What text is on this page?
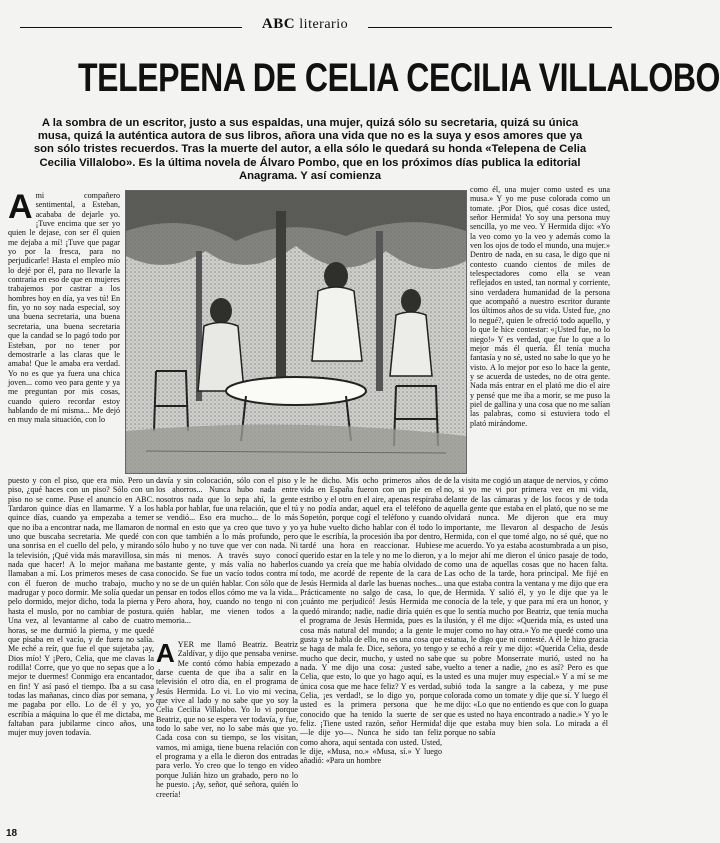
ABC literario
TELEPENA DE CELIA CECILIA VILLALOBO
A la sombra de un escritor, justo a sus espaldas, una mujer, quizá sólo su secretaria, quizá su única musa, quizá la auténtica autora de sus libros, añora una vida que no es la suya y esos amores que ya son sólo tristes recuerdos. Tras la muerte del autor, a ella sólo le quedará su honda «Telepena de Celia Cecilia Villalobo». Es la última novela de Álvaro Pombo, que en los próximos días publica la editorial Anagrama. Y así comienza
A mi compañero sentimental, a Esteban, acababa de dejarle yo. ¡Tuve encima que ser yo quien le dejase, con ser él quien me dejaba a mí! ¡Tuve que pagar yo por la fresca, para no perjudicarle! Hasta el empleo mío lo dejé por él, para no llevarle la contraria en eso de que en mujeres trabajemos por castrar a los hombres hoy en día, ya ves tú! En fin, yo no soy nada especial, soy una buena secretaria, una buena secretaria, una buena secretaria que la candad se lo pagó todo por Esteban, por no tener por demostrarle a las claras que le amaba! Que le amaba era verdad. Yo no es que ya fuera una chica joven... como veo para gente y ya me preguntan por mis cosas, cuando quiero recordar estoy hablando de mí misma... Me dejó en muy mala situación, con lo

como él, una mujer como usted es una musa.» Y yo me puse colorada como un tomate. ¡Por Dios, qué cosas dice usted, señor Hermida! Yo soy una persona muy sencilla, yo me veo. Y Hermida dijo: «Yo la veo como yo la veo y además como la ven los ojos de todo el mundo, una mujer.» Dentro de nada, en su casa, le digo que ni contesto cuando cientos de miles de telespectadores como ella se vean reflejados en usted, tan normal y corriente, sino verdadera humanidad de la persona que acompañó a nuestro escritor durante los últimos años de su vida. Usted fue, ¿no lo negué?, quien le ofreció todo aquello, y lo que le hice contestar: «¡Usted fue, no lo niego!» Y es verdad, que fue lo que a lo mejor más él quería. Él tenía mucha fantasía y no sé, usted no sabe lo que yo he visto. A lo mejor por eso lo hace la gente, y se acuerda de ustedes, no de otra gente. Nada más entrar en el plató me dio el aire y pensé que me iba a morir, se me puso la piel de gallina y una cosa que no me salían las palabras, como si estuviera todo el plató mirándome.

puesto y con el piso, que era mío. Pero un piso, ¿qué haces con un piso? Sólo con un piso no se come. Puse el anuncio en ABC. Tardaron quince días en llamarme. Y a los quince días, cuando ya empezaba a temer que no iba a encontrar nada, me llamaron de uno que buscaba secretaria. Me quedé con una sonrisa en el cuello del pelo, y mirando la televisión, ¡Qué vida más maravillosa, sin nada que hacer! A lo mejor mañana me llamaban a mí. Los primeros meses de casa con él fueron de mucho trabajo, mucho madrugar y poco dormir. Me solía quedar un pelo dormido, mejor dicho, toda la pierna y hasta el muslo, por no cambiar de postura. Una vez, al levantarme al cabo de cuatro horas, se me durmió la pierna, y me quedé que pisaba en el vacío, y de fuera no salía. Me eché a reír, que fue el que sujetaba ¡ay, Dios mío! Y ¡Pero, Celia, que me clavas la rodilla! Corre, que yo que no sepas que a lo mejor te duermes! Conmigo era encantador, en fin! Y así pasó el tiempo. Iba a su casa todas las mañanas, cinco días por semana, y me pagaba por ello. Lo de él y yo, yo escribía a máquina lo que él me dictaba, me faltaban para jubilarme cinco años, una mujer muy joven todavía.

davía y sin colocación, sólo con el piso y los ahorros... Nunca hubo nada entre nosotros nada que lo sepa ahí, la gente habla por hablar, fue una relación, que el tú se vendió... Eso era mucho... de lo más normal en esto que ya creo que tuvo y yo con que también a lo más profundo, pero sólo hubo y no tuve que ver con nada. Ni más ni menos. A través suyo conocí bastante gente, y más valía no haberlos conocido. Se fue un vacío todos contra mí y no se de un quién hablar. Con sólo que de pensar en todos ellos cómo me va la vida... Pero ahora, hoy, cuando no tengo ni con quién hablar, me vienen todos a la memoria...

A YER me llamó Beatriz. Beatriz Zaldívar, y dijo que pensaba venirse. Me contó cómo había empezado a darse cuenta de que iba a salir en la televisión el otro día, en el programa de Jesús Hermida. Lo vi. Lo vio mi vecina, que vive al lado y no sabe que yo soy la Celia Cecilia Villalobo. Yo lo vi porque Beatriz, que no se espera ver todavía, y fue, todo lo sabe ver, no lo sabe más que yo. Cada cosa con su tiempo, se los visitan, vamos, mi amiga, tiene buena relación con el programa y a ella le dieron dos entradas para verlo. Yo creo que lo tengo en vídeo porque Julián hizo un grabado, pero no lo he puesto. ¡Ay, señor, qué señora, quién lo creería!

le he dicho. Mis ocho primeros años de vida en España fueron con un pie en el estribo y el otro en el aire, apenas respiraba y no podía andar, aquel era el teléfono de Sopetón, porque cogí el teléfono y cuando ya hube vuelto dicho hablar con él todo lo que le escribía, la procesión iba por dentro, tardé una hora en reaccionar. Hubiese querido estar en la tele y no me lo dieron, y cuando ya creía que me había olvidado de todo, me acordé de repente de la cara de Jesús Hermida al darle las buenas noches... Prácticamente no salgo de casa, lo que, ¡cuánto me perjudicó! Jesús Hermida me quedó mirando; nadie, nadie diría quién es el programa de Jesús Hermida, pues es la cosa más natural del mundo; a la gente le gusta y se habla de ello, no es una cosa que se haga de mala fe. Dice, señora, yo tengo mucho que decir, mucho, y usted no sabe nada. Y me dijo una cosa: ¿usted sabe, Celia, que esto, lo que yo hago aquí, es la única cosa que me hace feliz? Y es verdad, Celia, ¡es verdad!, se lo digo yo, porque usted es la primera persona que he conocido que ha tenido la suerte de ser feliz. ¡Tiene usted razón, señor Hermida! —le dije yo—. Nunca he sido tan feliz como ahora, aquí sentada con usted. Usted, le dije, «Musa, no.» «Musa, sí.» Y luego añadió: «Para un hombre

de la visita me cogió un ataque de nervios, y cómo no, si yo me vi por primera vez en mi vida, delante de las cámaras y de los focos y de toda aquella gente que estaba en el plató, que no se me olvidará nunca. Me dijeron que era muy importante, me llevaron al despacho de Jesús Hermida, con el que tomé algo, no sé qué, que no me acuerdo. Yo ya estaba acostumbrada a un piso, a lo mejor ahí me dieron el único pasaje de todo, como una de aquellas cosas que no hacen falta. Las ocho de la tarde, hora principal. Me fijé en una que estaba contra la ventana y me dijo que era de Hermida. Y salió él, y yo le dije que ya le conocía de la tele, y que para mí era un honor, y que lo sentía mucho por Beatriz, que tenía mucha ilusión, y él me dijo: «Querida mía, es usted una mujer como no hay otra.» Yo me quedé como una estatua, le digo que ni contesté. A él le hizo gracia y se echó a reír y me dijo: «Querida Celia, desde que su pobre Monserrate murió, usted no ha vuelto a tener a nadie, ¿no es así? Pero es que usted es una mujer muy especial.» Y a mí se me subió toda la sangre a la cabeza, y me puse colorada como un tomate y dije que sí. Y luego él me dijo: «Lo que no entiendo es que con lo guapa que es usted no haya encontrado a nadie.» Y yo le dije que estaba muy bien sola. Lo mirada a él porque no sabía

18
